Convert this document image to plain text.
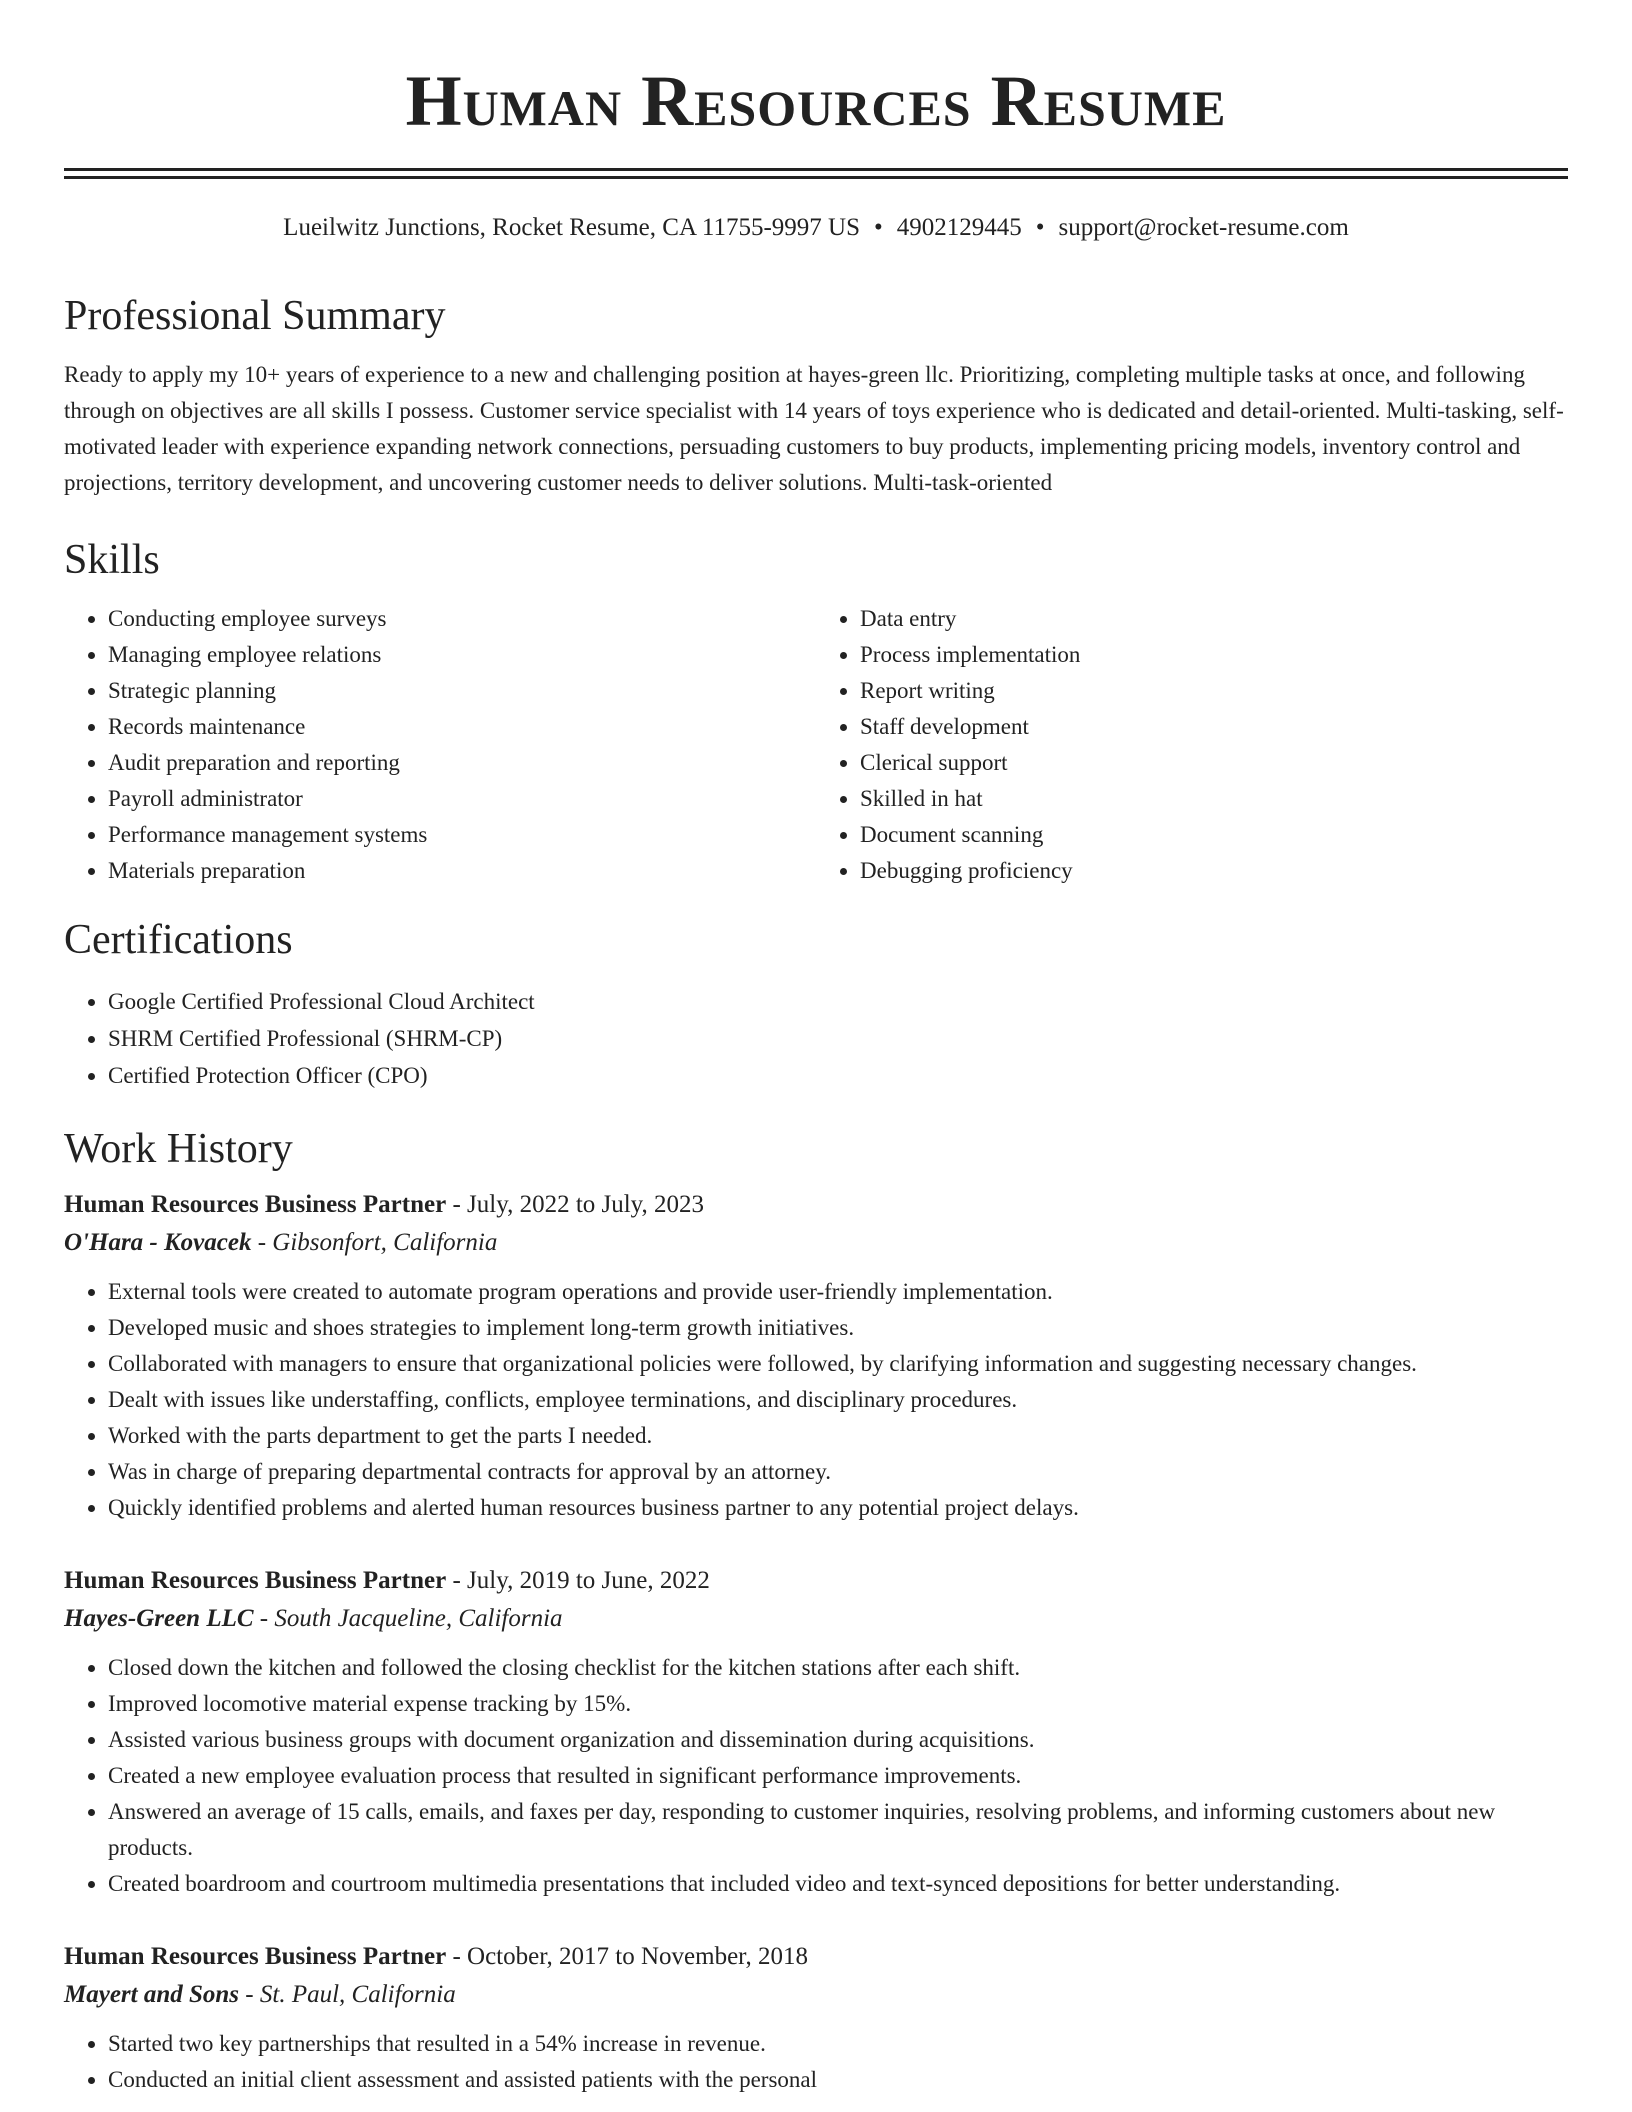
Human Resources Resume
Lueilwitz Junctions, Rocket Resume, CA 11755-9997 US • 4902129445 • support@rocket-resume.com
Professional Summary

Ready to apply my 10+ years of experience to a new and challenging position at hayes-green llc. Prioritizing, completing multiple tasks at once, and following through on objectives are all skills I possess. Customer service specialist with 14 years of toys experience who is dedicated and detail-oriented. Multi-tasking, self-motivated leader with experience expanding network connections, persuading customers to buy products, implementing pricing models, inventory control and projections, territory development, and uncovering customer needs to deliver solutions. Multi-task-oriented

Skills
• Conducting employee surveys
• Managing employee relations
• Strategic planning
• Records maintenance
• Audit preparation and reporting
• Payroll administrator
• Performance management systems
• Materials preparation
• Data entry
• Process implementation
• Report writing
• Staff development
• Clerical support
• Skilled in hat
• Document scanning
• Debugging proficiency
Certifications
• Google Certified Professional Cloud Architect
• SHRM Certified Professional (SHRM-CP)
• Certified Protection Officer (CPO)
Work History
Human Resources Business Partner - July, 2022 to July, 2023
O'Hara - Kovacek - Gibsonfort, California
• External tools were created to automate program operations and provide user-friendly implementation.
• Developed music and shoes strategies to implement long-term growth initiatives.
• Collaborated with managers to ensure that organizational policies were followed, by clarifying information and suggesting necessary changes.
• Dealt with issues like understaffing, conflicts, employee terminations, and disciplinary procedures.
• Worked with the parts department to get the parts I needed.
• Was in charge of preparing departmental contracts for approval by an attorney.
• Quickly identified problems and alerted human resources business partner to any potential project delays.
Human Resources Business Partner - July, 2019 to June, 2022
Hayes-Green LLC - South Jacqueline, California
• Closed down the kitchen and followed the closing checklist for the kitchen stations after each shift.
• Improved locomotive material expense tracking by 15%.
• Assisted various business groups with document organization and dissemination during acquisitions.
• Created a new employee evaluation process that resulted in significant performance improvements.
• Answered an average of 15 calls, emails, and faxes per day, responding to customer inquiries, resolving problems, and informing customers about new products.
• Created boardroom and courtroom multimedia presentations that included video and text-synced depositions for better understanding.
Human Resources Business Partner - October, 2017 to November, 2018
Mayert and Sons - St. Paul, California
• Started two key partnerships that resulted in a 54% increase in revenue.
• Conducted an initial client assessment and assisted patients with the personal
